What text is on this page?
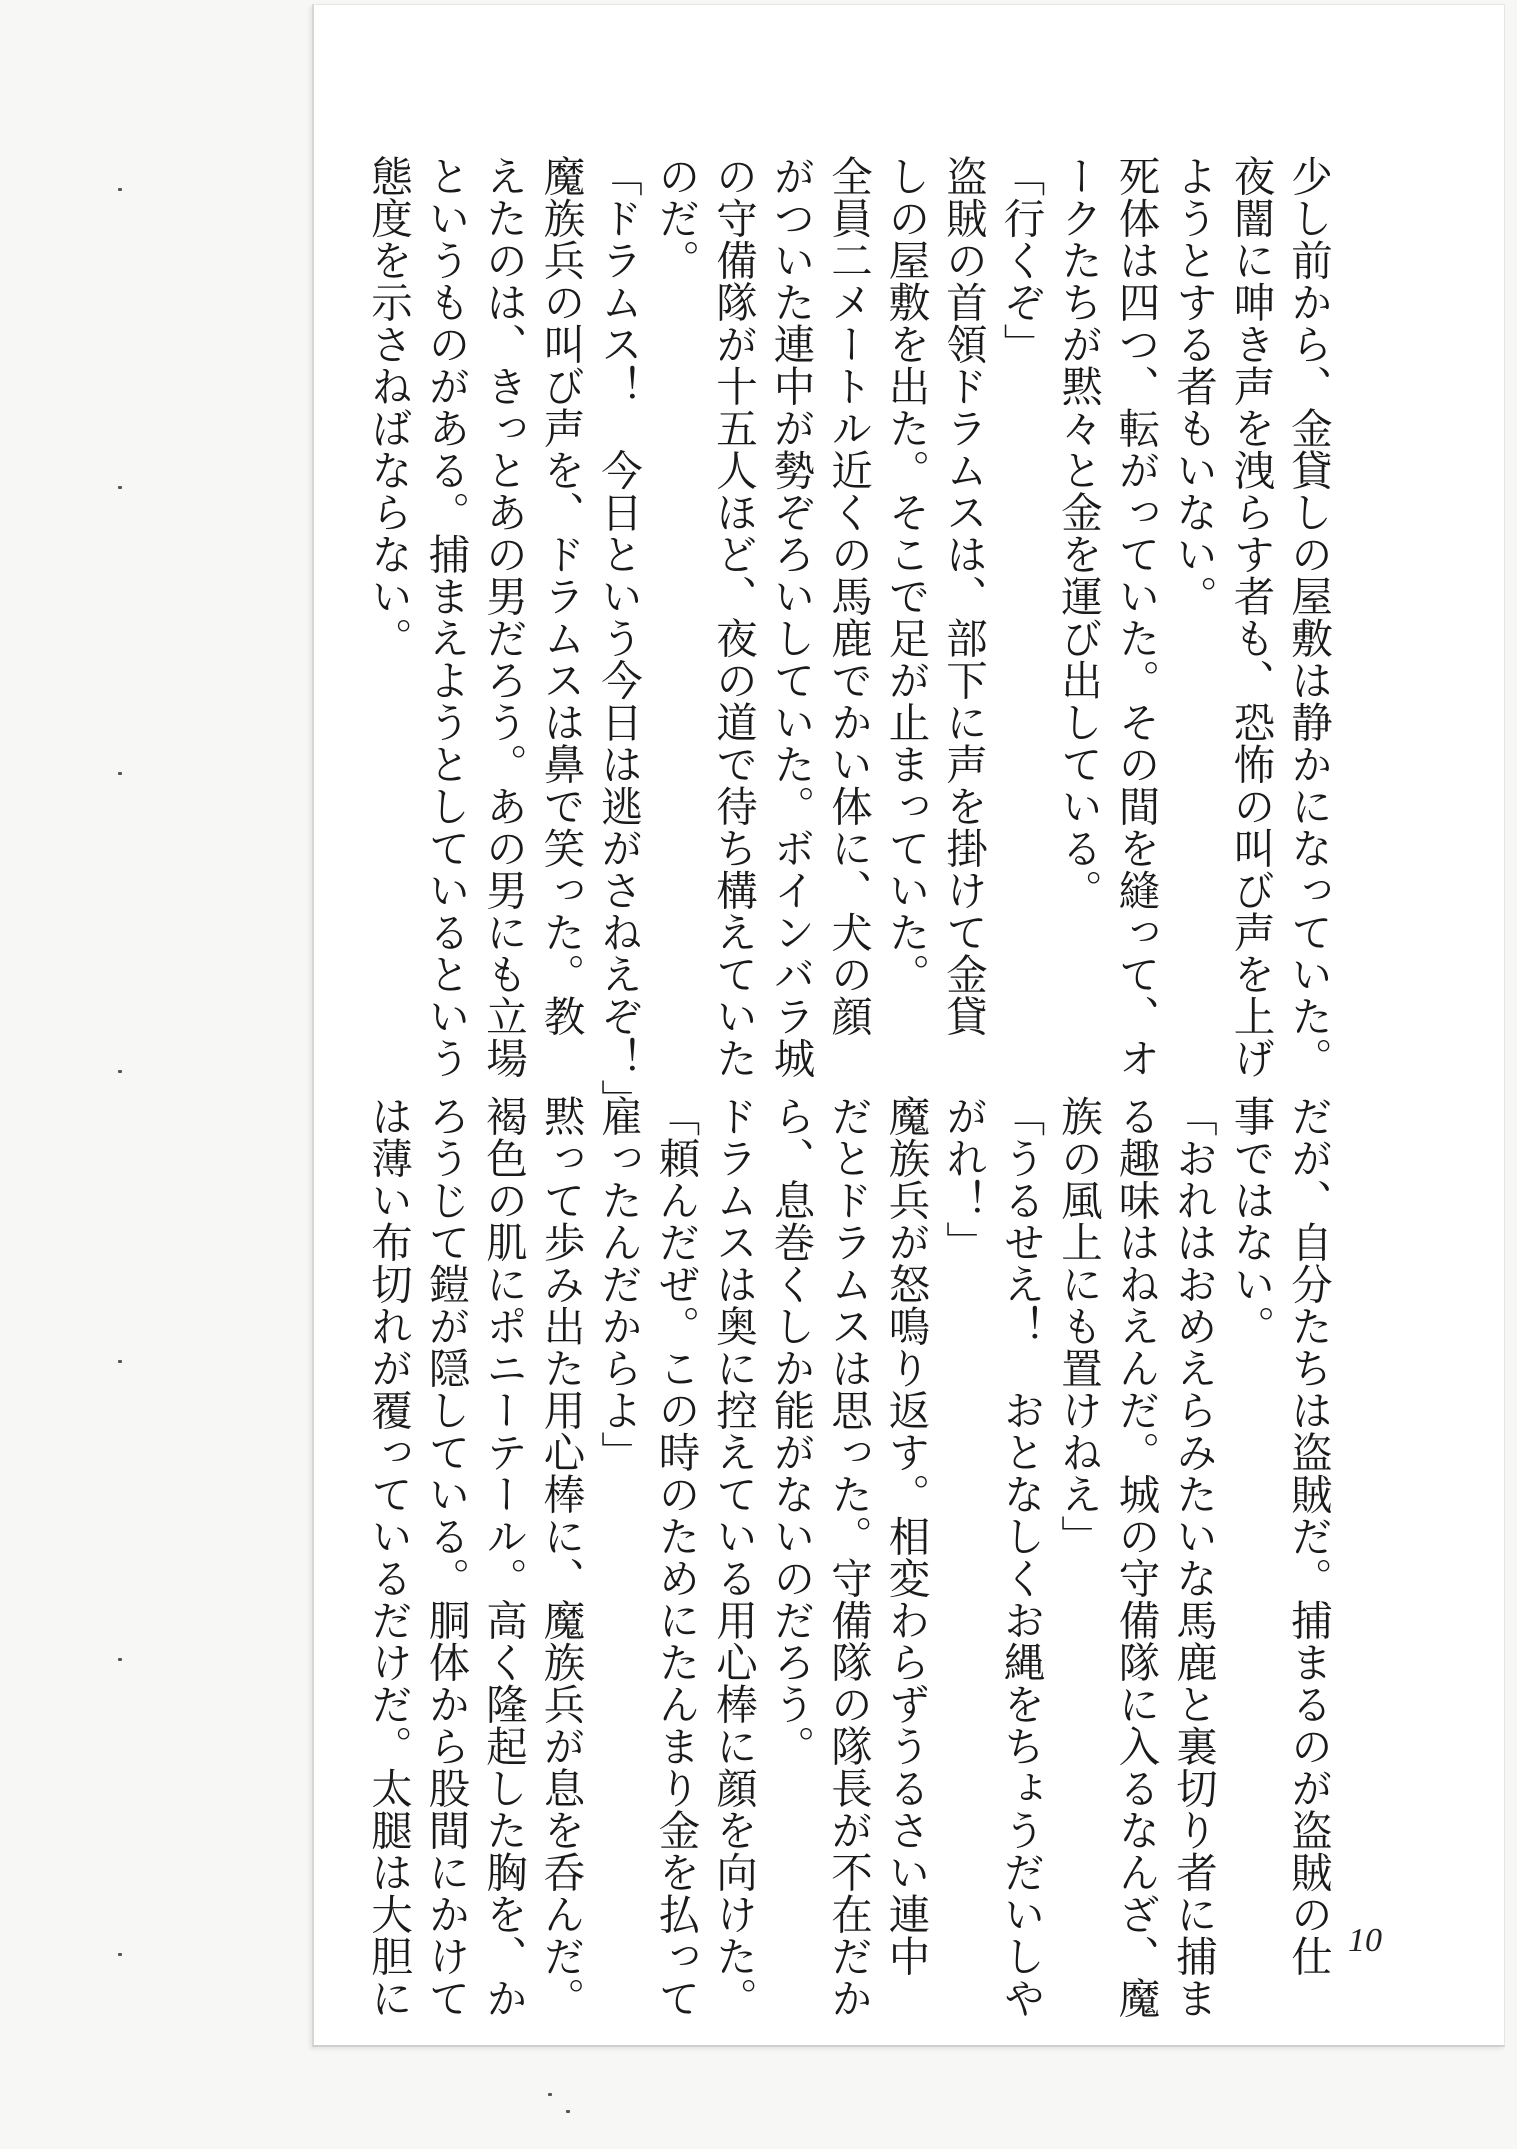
少し前から、金貸しの屋敷は静かになっていた。
夜闇に呻き声を洩らす者も、恐怖の叫び声を上げ
ようとする者もいない。
死体は四つ、転がっていた。その間を縫って、オ
ークたちが黙々と金を運び出している。
「行くぞ」
盗賊の首領ドラムスは、部下に声を掛けて金貸
しの屋敷を出た。そこで足が止まっていた。
全員二メートル近くの馬鹿でかい体に、犬の顔
がついた連中が勢ぞろいしていた。ボインバラ城
の守備隊が十五人ほど、夜の道で待ち構えていた
のだ。
「ドラムス！　今日という今日は逃がさねえぞ！」
魔族兵の叫び声を、ドラムスは鼻で笑った。教
えたのは、きっとあの男だろう。あの男にも立場
というものがある。捕まえようとしているという
態度を示さねばならない。
だが、自分たちは盗賊だ。捕まるのが盗賊の仕
事ではない。
「おれはおめえらみたいな馬鹿と裏切り者に捕ま
る趣味はねえんだ。城の守備隊に入るなんざ、魔
族の風上にも置けねえ」
「うるせえ！　おとなしくお縄をちょうだいしや
がれ！」
魔族兵が怒鳴り返す。相変わらずうるさい連中
だとドラムスは思った。守備隊の隊長が不在だか
ら、息巻くしか能がないのだろう。
ドラムスは奥に控えている用心棒に顔を向けた。
「頼んだぜ。この時のためにたんまり金を払って
雇ったんだからよ」
黙って歩み出た用心棒に、魔族兵が息を呑んだ。
褐色の肌にポニーテール。高く隆起した胸を、か
ろうじて鎧が隠している。胴体から股間にかけて
は薄い布切れが覆っているだけだ。太腿は大胆に	10
